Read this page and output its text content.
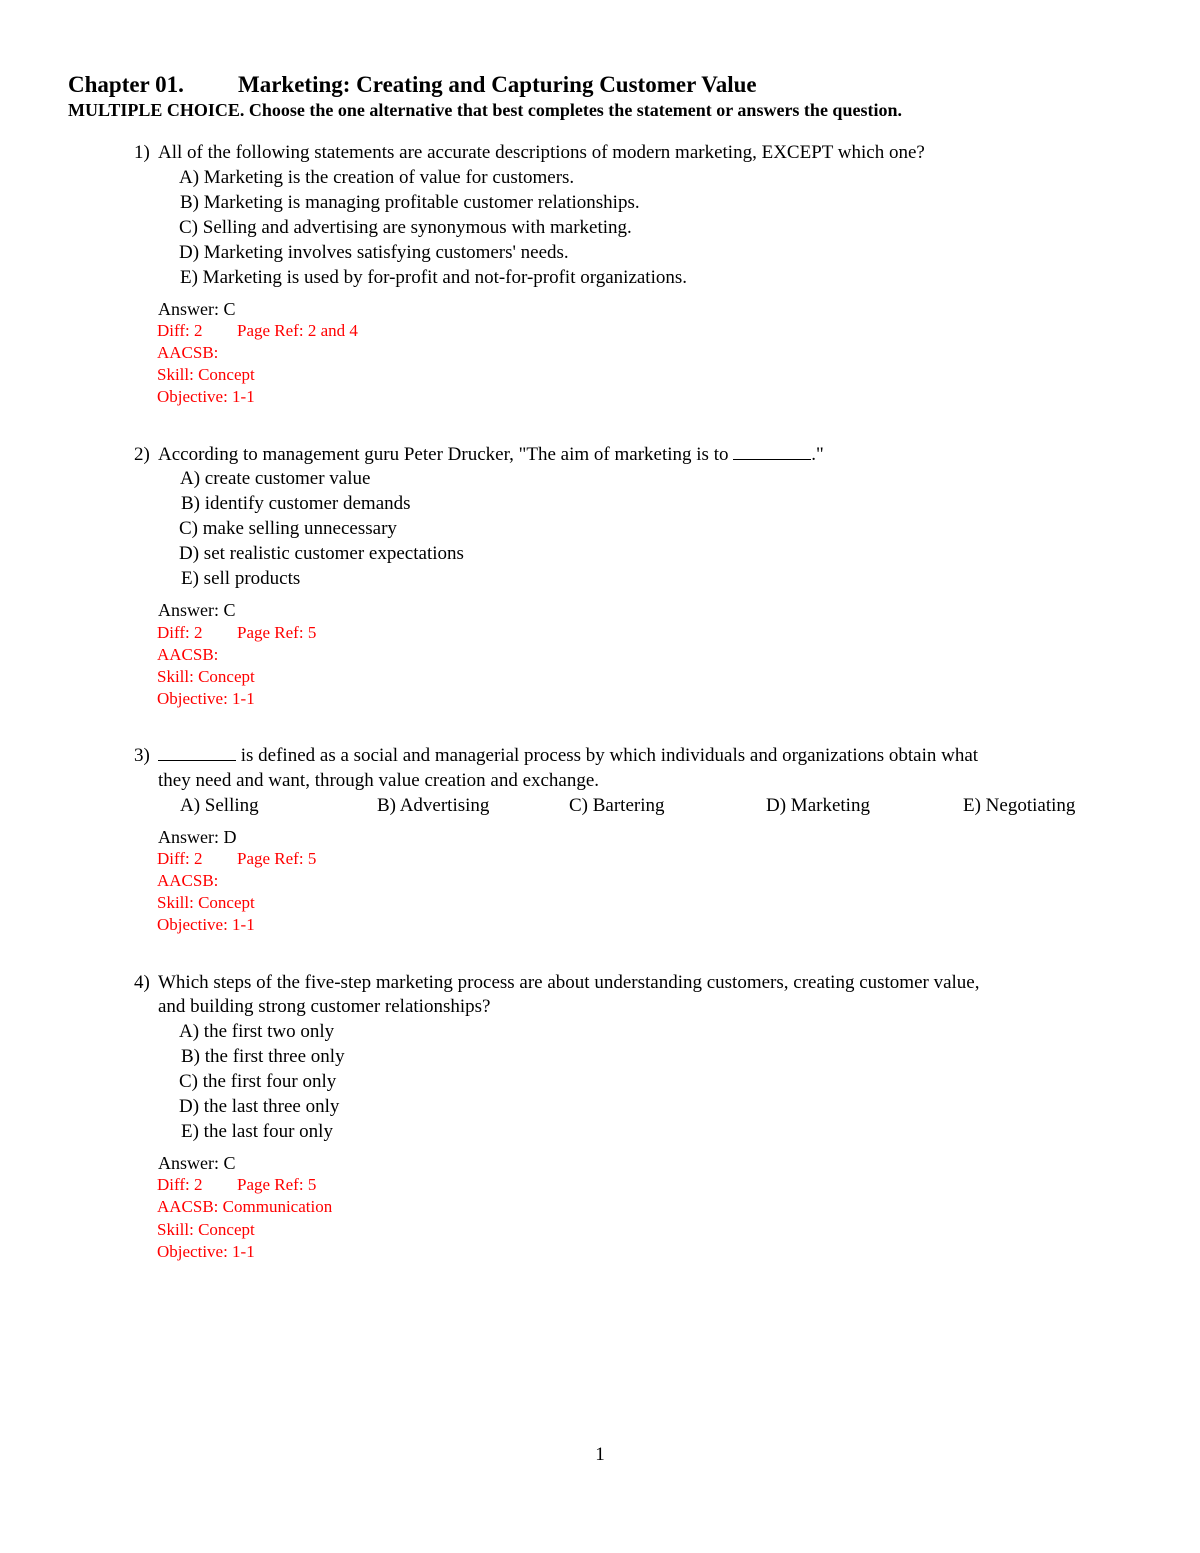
Chapter 01. Marketing: Creating and Capturing Customer Value
MULTIPLE CHOICE. Choose the one alternative that best completes the statement or answers the question.
1) All of the following statements are accurate descriptions of modern marketing, EXCEPT which one?
A) Marketing is the creation of value for customers.
B) Marketing is managing profitable customer relationships.
C) Selling and advertising are synonymous with marketing.
D) Marketing involves satisfying customers' needs.
E) Marketing is used by for-profit and not-for-profit organizations.
Answer: C
Diff: 2 Page Ref: 2 and 4
AACSB:
Skill: Concept
Objective: 1-1
2) According to management guru Peter Drucker, "The aim of marketing is to	."
A) create customer value
B) identify customer demands
C) make selling unnecessary
D) set realistic customer expectations
E) sell products
Answer: C
Diff: 2 Page Ref: 5
AACSB:
Skill: Concept
Objective: 1-1
3)	is defined as a social and managerial process by which individuals and organizations obtain what
they need and want, through value creation and exchange.
A) Selling	B) Advertising	C) Bartering	D) Marketing	E) Negotiating
Answer: D
Diff: 2 Page Ref: 5
AACSB:
Skill: Concept
Objective: 1-1
4) Which steps of the five-step marketing process are about understanding customers, creating customer value,
and building strong customer relationships?
A) the first two only
B) the first three only
C) the first four only
D) the last three only
E) the last four only
Answer: C
Diff: 2 Page Ref: 5
AACSB: Communication
Skill: Concept
Objective: 1-1
1
